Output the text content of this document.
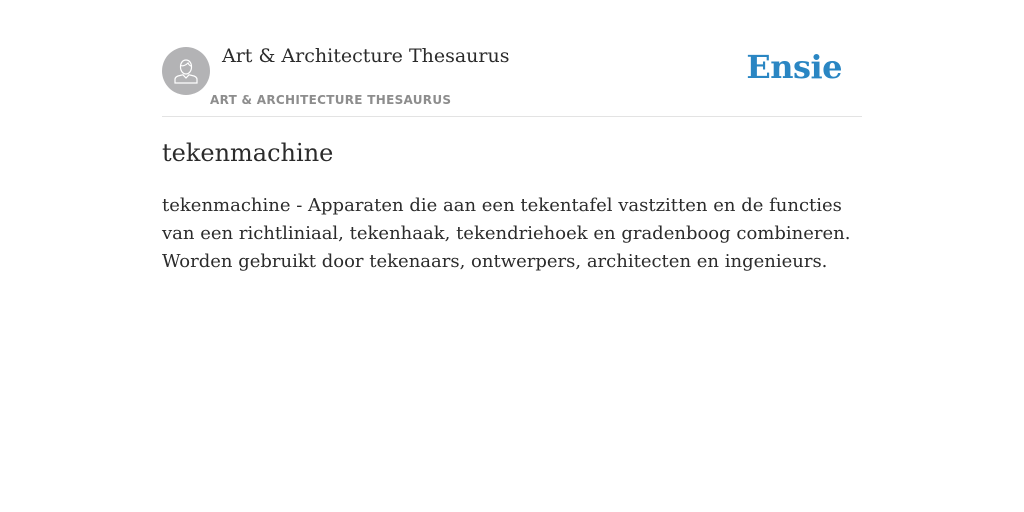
Art & Architecture Thesaurus
ART & ARCHITECTURE THESAURUS
Ensie
tekenmachine

tekenmachine - Apparaten die aan een tekentafel vastzitten en de functies van een richtliniaal, tekenhaak, tekendriehoek en gradenboog combineren. Worden gebruikt door tekenaars, ontwerpers, architecten en ingenieurs.
